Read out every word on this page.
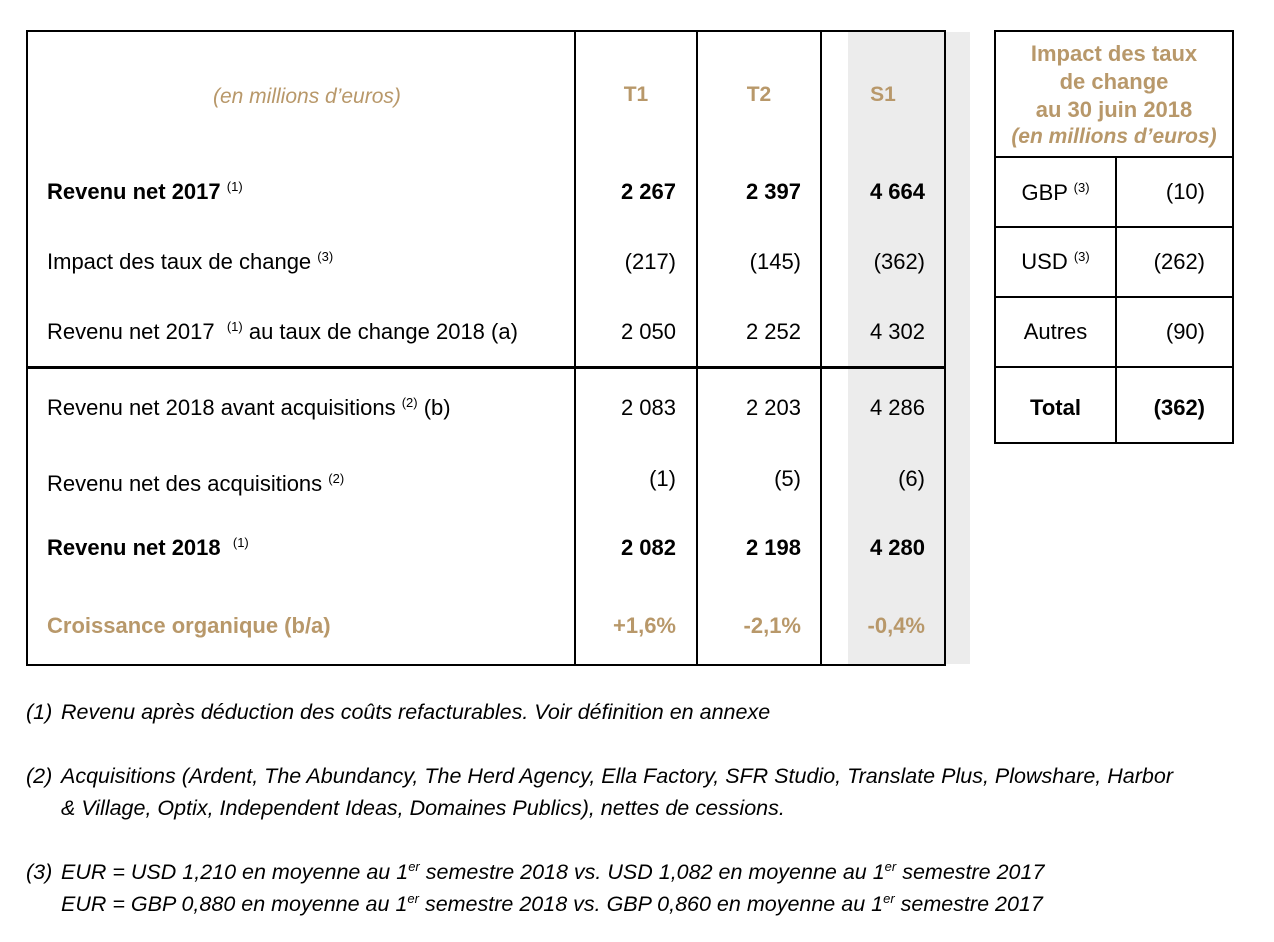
(en millions d’euros)	T1	T2	S1
Revenu net 2017 $^{(1)}$	2 267	2 397	4 664
Impact des taux de change $^{(3)}$	(217)	(145)	(362)
Revenu net 2017 $^{(1)}$ au taux de change 2018 (a)	2 050	2 252	4 302
Revenu net 2018 avant acquisitions $^{(2)}$ (b)	2 083	2 203	4 286
Revenu net des acquisitions $^{(2)}$	(1)	(5)	(6)
Revenu net 2018 $^{(1)}$	2 082	2 198	4 280
Croissance organique (b/a)	+1,6%	-2,1%	-0,4%
Impact des taux
de change
au 30 juin 2018
(en millions d’euros)
GBP $^{(3)}$	(10)
USD $^{(3)}$	(262)
Autres	(90)
Total	(362)
(1) Revenu après déduction des coûts refacturables. Voir définition en annexe
(2) Acquisitions (Ardent, The Abundancy, The Herd Agency, Ella Factory, SFR Studio, Translate Plus, Plowshare, Harbor & Village, Optix, Independent Ideas, Domaines Publics), nettes de cessions.
(3) EUR = USD 1,210 en moyenne au 1er semestre 2018 vs. USD 1,082 en moyenne au 1er semestre 2017
EUR = GBP 0,880 en moyenne au 1er semestre 2018 vs. GBP 0,860 en moyenne au 1er semestre 2017
